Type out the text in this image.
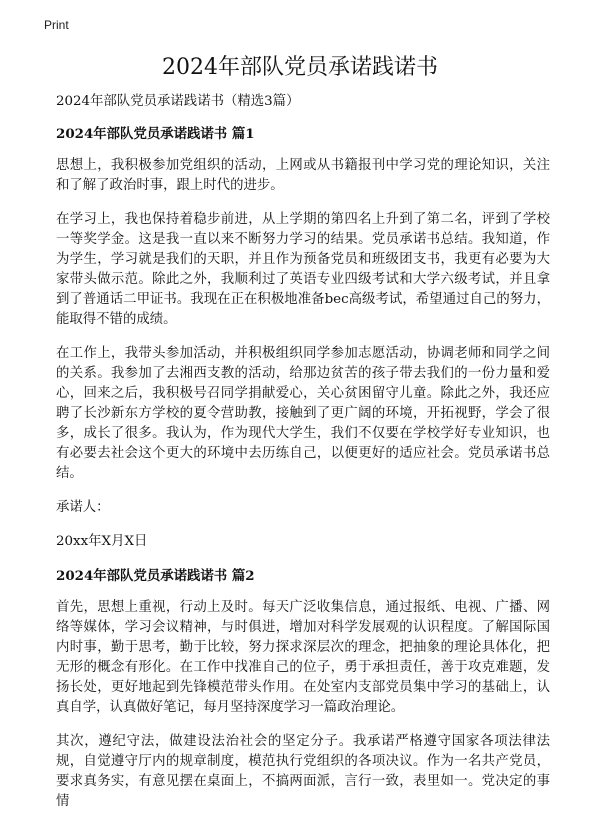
Print
2024年部队党员承诺践诺书

2024年部队党员承诺践诺书（精选3篇）

2024年部队党员承诺践诺书 篇1

思想上，我积极参加党组织的活动，上网或从书籍报刊中学习党的理论知识，关注和了解了政治时事，跟上时代的进步。

在学习上，我也保持着稳步前进，从上学期的第四名上升到了第二名，评到了学校一等奖学金。这是我一直以来不断努力学习的结果。党员承诺书总结。我知道，作为学生，学习就是我们的天职，并且作为预备党员和班级团支书，我更有必要为大家带头做示范。除此之外，我顺利过了英语专业四级考试和大学六级考试，并且拿到了普通话二甲证书。我现在正在积极地准备bec高级考试，希望通过自己的努力，能取得不错的成绩。

在工作上，我带头参加活动，并积极组织同学参加志愿活动，协调老师和同学之间的关系。我参加了去湘西支教的活动，给那边贫苦的孩子带去我们的一份力量和爱心，回来之后，我积极号召同学捐献爱心，关心贫困留守儿童。除此之外，我还应聘了长沙新东方学校的夏令营助教，接触到了更广阔的环境，开拓视野，学会了很多，成长了很多。我认为，作为现代大学生，我们不仅要在学校学好专业知识，也有必要去社会这个更大的环境中去历练自己，以便更好的适应社会。党员承诺书总结。

承诺人：

20xx年X月X日

2024年部队党员承诺践诺书 篇2

首先，思想上重视，行动上及时。每天广泛收集信息，通过报纸、电视、广播、网络等媒体，学习会议精神，与时俱进，增加对科学发展观的认识程度。了解国际国内时事，勤于思考，勤于比较，努力探求深层次的理念，把抽象的理论具体化，把无形的概念有形化。在工作中找准自己的位子，勇于承担责任，善于攻克难题，发扬长处，更好地起到先锋模范带头作用。在处室内支部党员集中学习的基础上，认真自学，认真做好笔记，每月坚持深度学习一篇政治理论。

其次，遵纪守法，做建设法治社会的坚定分子。我承诺严格遵守国家各项法律法规，自觉遵守厅内的规章制度，模范执行党组织的各项决议。作为一名共产党员，要求真务实，有意见摆在桌面上，不搞两面派，言行一致，表里如一。党决定的事情
